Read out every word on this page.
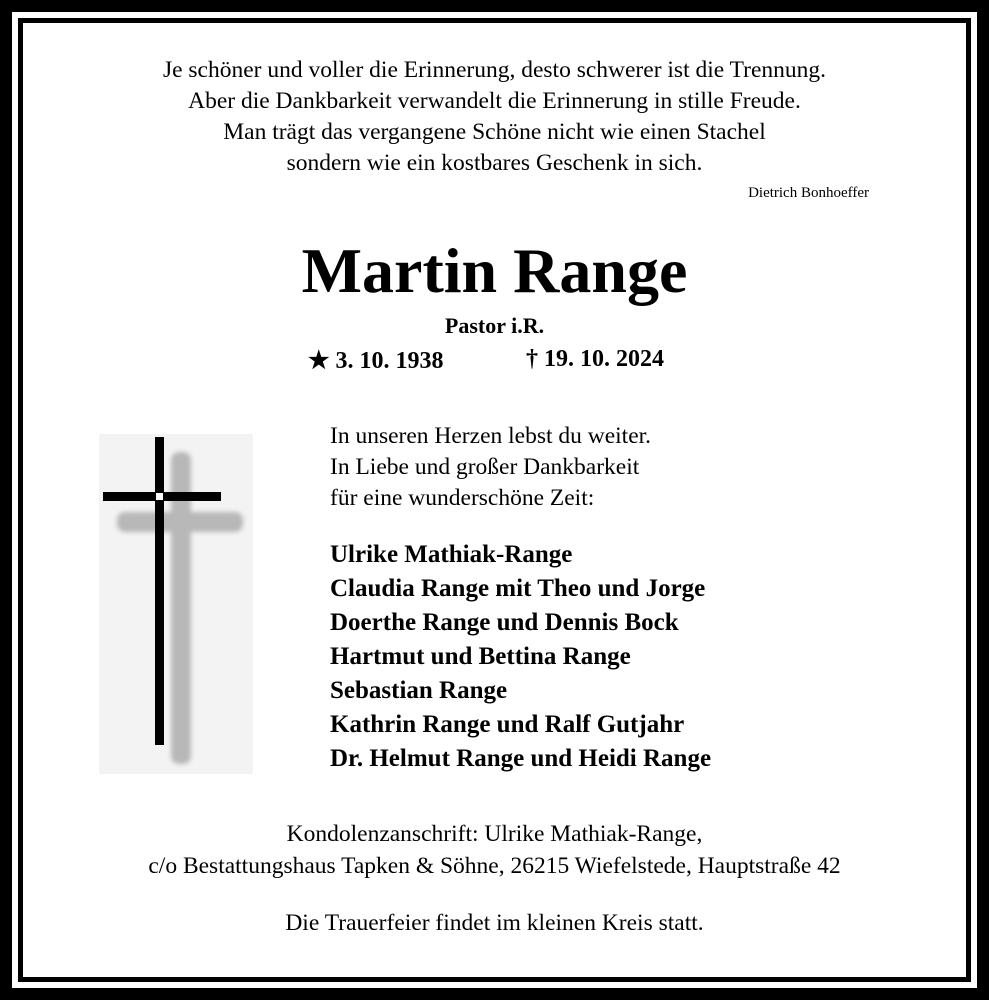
Je schöner und voller die Erinnerung, desto schwerer ist die Trennung.
Aber die Dankbarkeit verwandelt die Erinnerung in stille Freude.
Man trägt das vergangene Schöne nicht wie einen Stachel
sondern wie ein kostbares Geschenk in sich.
Dietrich Bonhoeffer
Martin Range
Pastor i.R.
★ 3. 10. 1938	† 19. 10. 2024
In unseren Herzen lebst du weiter.
In Liebe und großer Dankbarkeit
für eine wunderschöne Zeit:
Ulrike Mathiak-Range
Claudia Range mit Theo und Jorge
Doerthe Range und Dennis Bock
Hartmut und Bettina Range
Sebastian Range
Kathrin Range und Ralf Gutjahr
Dr. Helmut Range und Heidi Range
Kondolenzanschrift: Ulrike Mathiak-Range,
c/o Bestattungshaus Tapken & Söhne, 26215 Wiefelstede, Hauptstraße 42
Die Trauerfeier findet im kleinen Kreis statt.
